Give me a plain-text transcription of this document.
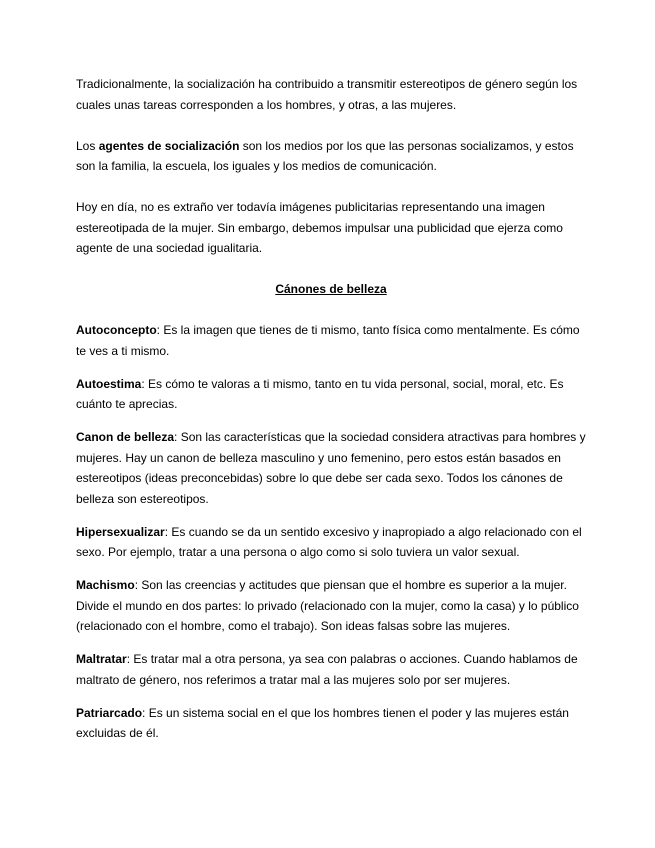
Tradicionalmente, la socialización ha contribuido a transmitir estereotipos de género según los cuales unas tareas corresponden a los hombres, y otras, a las mujeres.

Los agentes de socialización son los medios por los que las personas socializamos, y estos son la familia, la escuela, los iguales y los medios de comunicación.

Hoy en día, no es extraño ver todavía imágenes publicitarias representando una imagen estereotipada de la mujer. Sin embargo, debemos impulsar una publicidad que ejerza como agente de una sociedad igualitaria.

Cánones de belleza

Autoconcepto: Es la imagen que tienes de ti mismo, tanto física como mentalmente. Es cómo te ves a ti mismo.

Autoestima: Es cómo te valoras a ti mismo, tanto en tu vida personal, social, moral, etc. Es cuánto te aprecias.

Canon de belleza: Son las características que la sociedad considera atractivas para hombres y mujeres. Hay un canon de belleza masculino y uno femenino, pero estos están basados en estereotipos (ideas preconcebidas) sobre lo que debe ser cada sexo. Todos los cánones de belleza son estereotipos.

Hipersexualizar: Es cuando se da un sentido excesivo y inapropiado a algo relacionado con el sexo. Por ejemplo, tratar a una persona o algo como si solo tuviera un valor sexual.

Machismo: Son las creencias y actitudes que piensan que el hombre es superior a la mujer. Divide el mundo en dos partes: lo privado (relacionado con la mujer, como la casa) y lo público (relacionado con el hombre, como el trabajo). Son ideas falsas sobre las mujeres.

Maltratar: Es tratar mal a otra persona, ya sea con palabras o acciones. Cuando hablamos de maltrato de género, nos referimos a tratar mal a las mujeres solo por ser mujeres.

Patriarcado: Es un sistema social en el que los hombres tienen el poder y las mujeres están excluidas de él.
